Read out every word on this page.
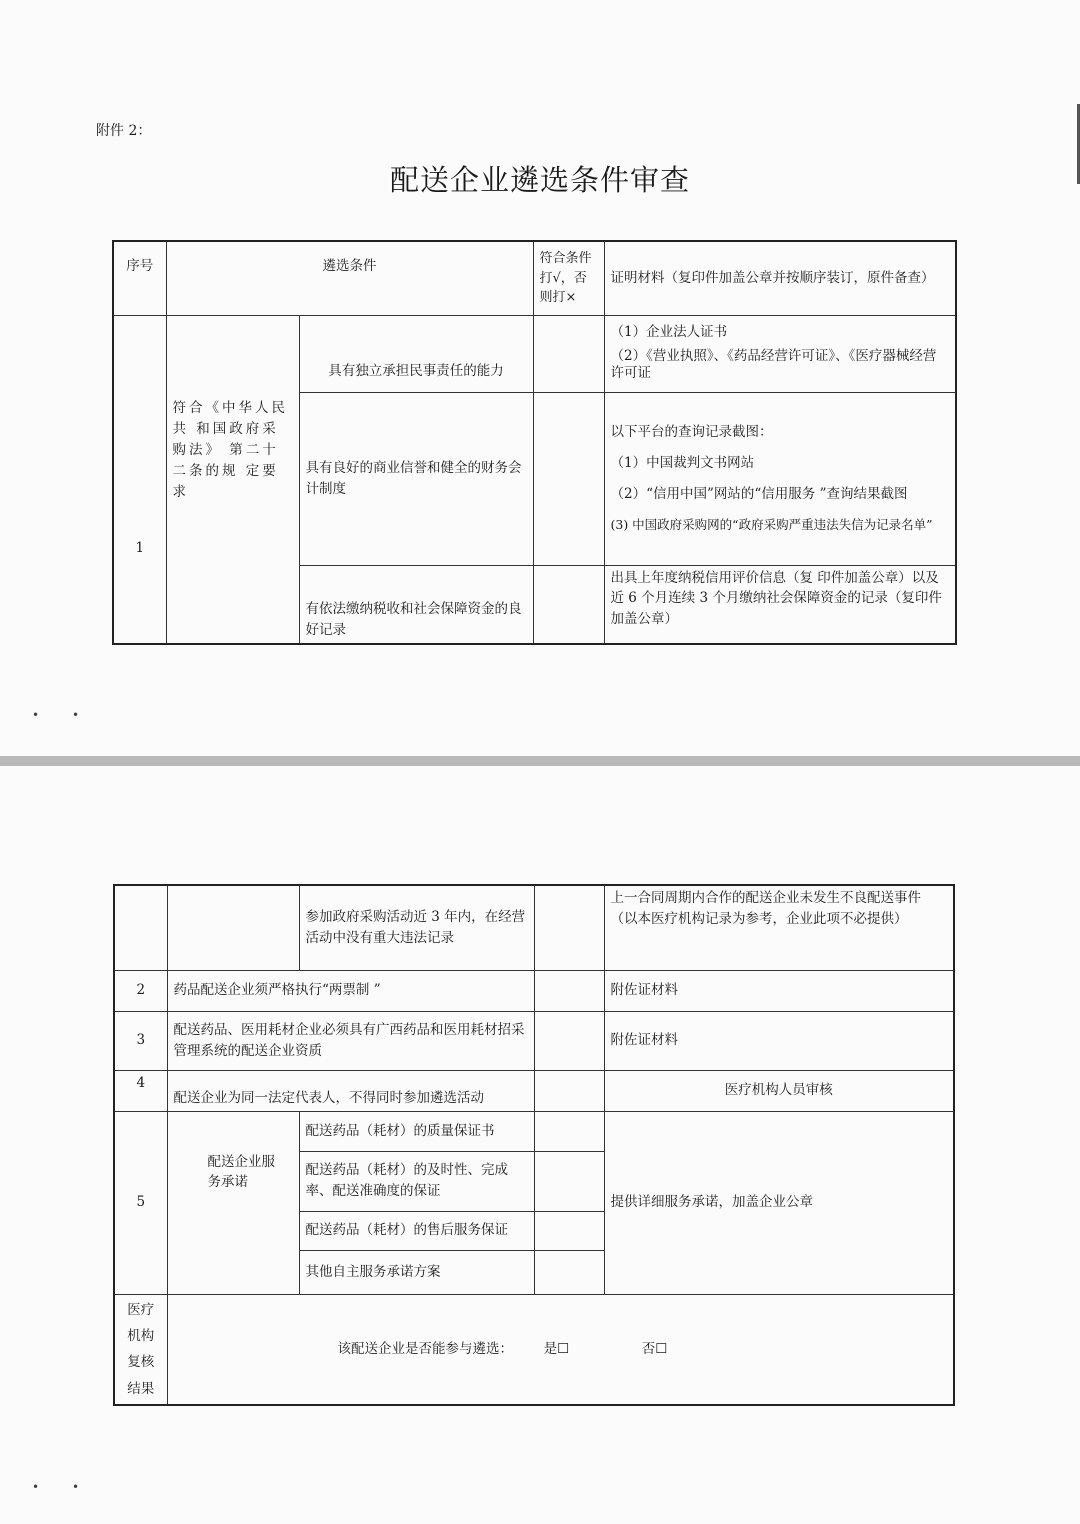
附件 2：
配送企业遴选条件审查
序号	遴选条件		符合条件打√，否则打×	证明材料（复印件加盖公章并按顺序装订，原件备查）
1	符合《中华人民共 和国政府采购法》 第二十二条的规 定要求	具有独立承担民事责任的能力		（1）企业法人证书
（2）《营业执照》、《药品经营许可证》、《医疗器械经营许可证

		具有良好的商业信誉和健全的财务会计制度		以下平台的查询记录截图：
（1）中国裁判文书网站
（2）“信用中国”网站的“信用服务 ”查询结果截图
(3) 中国政府采购网的“政府采购严重违法失信为记录名单”

		有依法缴纳税收和社会保障资金的良好记录		出具上年度纳税信用评价信息（复 印件加盖公章）以及近 6 个月连续 3 个月缴纳社会保障资金的记录（复印件加盖公章）
•	•
		参加政府采购活动近 3 年内，在经营活动中没有重大违法记录		上一合同周期内合作的配送企业未发生不良配送事件（以本医疗机构记录为参考，企业此项不必提供）
2	药品配送企业须严格执行“两票制 ”			附佐证材料
3	配送药品、医用耗材企业必须具有广西药品和医用耗材招采管理系统的配送企业资质			附佐证材料
4	配送企业为同一法定代表人，不得同时参加遴选活动			医疗机构人员审核
5	配送企业服务承诺	配送药品（耗材）的质量保证书		提供详细服务承诺，加盖企业公章
		配送药品（耗材）的及时性、完成率、配送准确度的保证		
		配送药品（耗材）的售后服务保证		
		其他自主服务承诺方案		

医疗
机构
复核
结果	该配送企业是否能参与遴选： 是☐ 否☐			
•	•
